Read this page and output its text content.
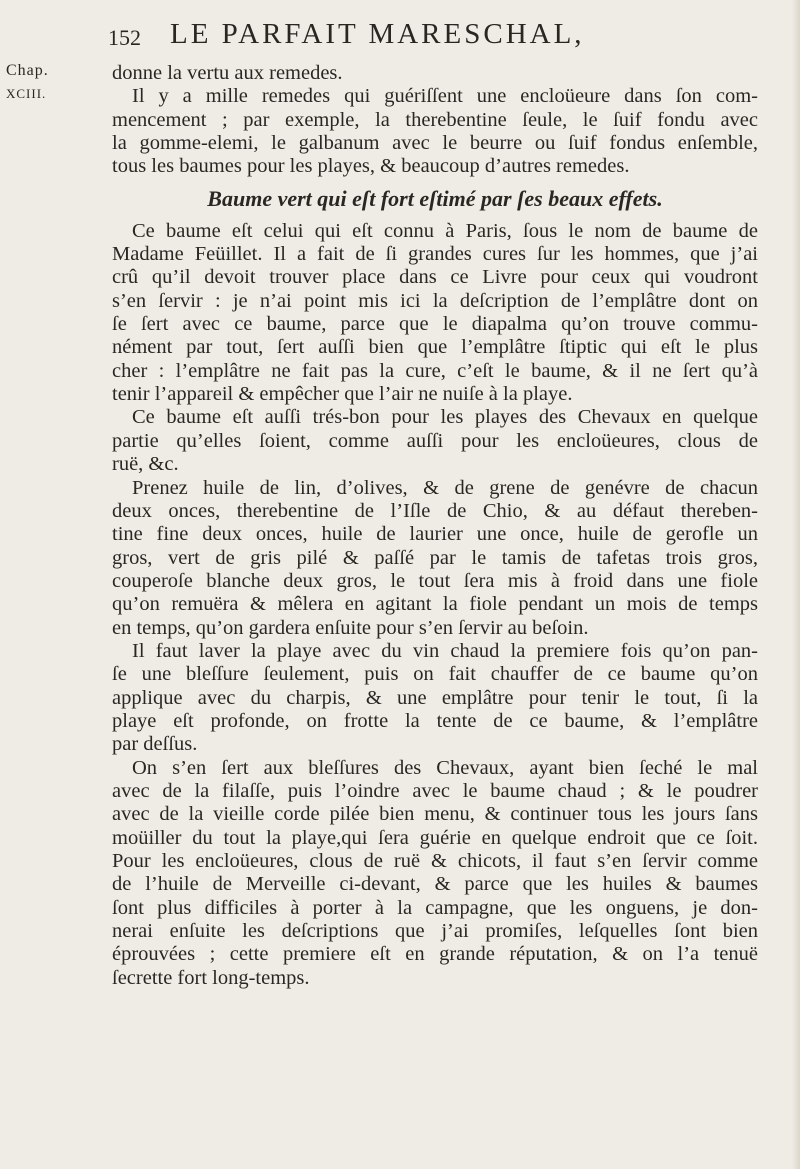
152 LE PARFAIT MARESCHAL,
Chap.
XCIII.
donne la vertu aux remedes.
Il y a mille remedes qui guériſſent une encloüeure dans ſon com-
mencement ; par exemple, la therebentine ſeule, le ſuif fondu avec
la gomme-elemi, le galbanum avec le beurre ou ſuif fondus enſemble,
tous les baumes pour les playes, & beaucoup d’autres remedes.
Baume vert qui eſt fort eſtimé par ſes beaux effets.
Ce baume eſt celui qui eſt connu à Paris, ſous le nom de baume de
Madame Feüillet. Il a fait de ſi grandes cures ſur les hommes, que j’ai
crû qu’il devoit trouver place dans ce Livre pour ceux qui voudront
s’en ſervir : je n’ai point mis ici la deſcription de l’emplâtre dont on
ſe ſert avec ce baume, parce que le diapalma qu’on trouve commu-
nément par tout, ſert auſſi bien que l’emplâtre ſtiptic qui eſt le plus
cher : l’emplâtre ne fait pas la cure, c’eſt le baume, & il ne ſert qu’à
tenir l’appareil & empêcher que l’air ne nuiſe à la playe.
Ce baume eſt auſſi trés-bon pour les playes des Chevaux en quelque
partie qu’elles ſoient, comme auſſi pour les encloüeures, clous de
ruë, &c.
Prenez huile de lin, d’olives, & de grene de genévre de chacun
deux onces, therebentine de l’Iſle de Chio, & au défaut thereben-
tine fine deux onces, huile de laurier une once, huile de gerofle un
gros, vert de gris pilé & paſſé par le tamis de tafetas trois gros,
couperoſe blanche deux gros, le tout ſera mis à froid dans une fiole
qu’on remuëra & mêlera en agitant la fiole pendant un mois de temps
en temps, qu’on gardera enſuite pour s’en ſervir au beſoin.
Il faut laver la playe avec du vin chaud la premiere fois qu’on pan-
ſe une bleſſure ſeulement, puis on fait chauffer de ce baume qu’on
applique avec du charpis, & une emplâtre pour tenir le tout, ſi la
playe eſt profonde, on frotte la tente de ce baume, & l’emplâtre
par deſſus.
On s’en ſert aux bleſſures des Chevaux, ayant bien ſeché le mal
avec de la filaſſe, puis l’oindre avec le baume chaud ; & le poudrer
avec de la vieille corde pilée bien menu, & continuer tous les jours ſans
moüiller du tout la playe,qui ſera guérie en quelque endroit que ce ſoit.
Pour les encloüeures, clous de ruë & chicots, il faut s’en ſervir comme
de l’huile de Merveille ci-devant, & parce que les huiles & baumes
ſont plus difficiles à porter à la campagne, que les onguens, je don-
nerai enſuite les deſcriptions que j’ai promiſes, leſquelles ſont bien
éprouvées ; cette premiere eſt en grande réputation, & on l’a tenuë
ſecrette fort long-temps.
